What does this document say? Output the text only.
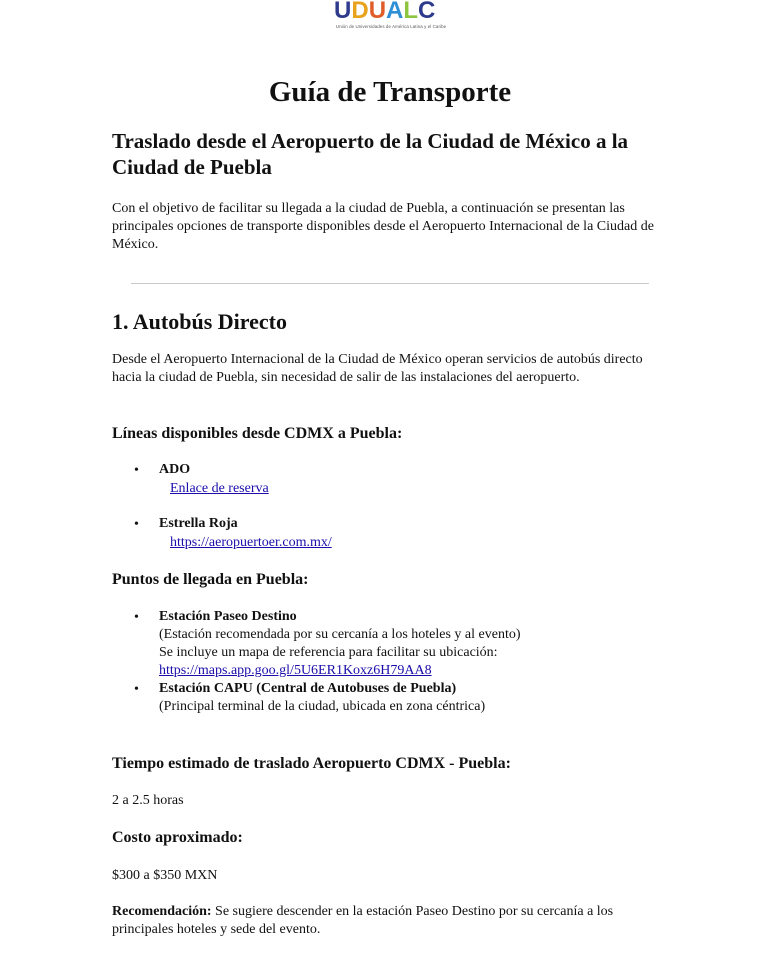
U D U A L C
Unión de Universidades de América Latina y el Caribe
Guía de Transporte
Traslado desde el Aeropuerto de la Ciudad de México a la Ciudad de Puebla

Con el objetivo de facilitar su llegada a la ciudad de Puebla, a continuación se presentan las principales opciones de transporte disponibles desde el Aeropuerto Internacional de la Ciudad de México.

1. Autobús Directo

Desde el Aeropuerto Internacional de la Ciudad de México operan servicios de autobús directo hacia la ciudad de Puebla, sin necesidad de salir de las instalaciones del aeropuerto.

Líneas disponibles desde CDMX a Puebla:
• ADO
Enlace de reserva
• Estrella Roja
https://aeropuertoer.com.mx/
Puntos de llegada en Puebla:
• Estación Paseo Destino
(Estación recomendada por su cercanía a los hoteles y al evento)
Se incluye un mapa de referencia para facilitar su ubicación:
https://maps.app.goo.gl/5U6ER1Koxz6H79AA8
• Estación CAPU (Central de Autobuses de Puebla)
(Principal terminal de la ciudad, ubicada en zona céntrica)
Tiempo estimado de traslado Aeropuerto CDMX - Puebla:

2 a 2.5 horas

Costo aproximado:

$300 a $350 MXN

Recomendación: Se sugiere descender en la estación Paseo Destino por su cercanía a los principales hoteles y sede del evento.
